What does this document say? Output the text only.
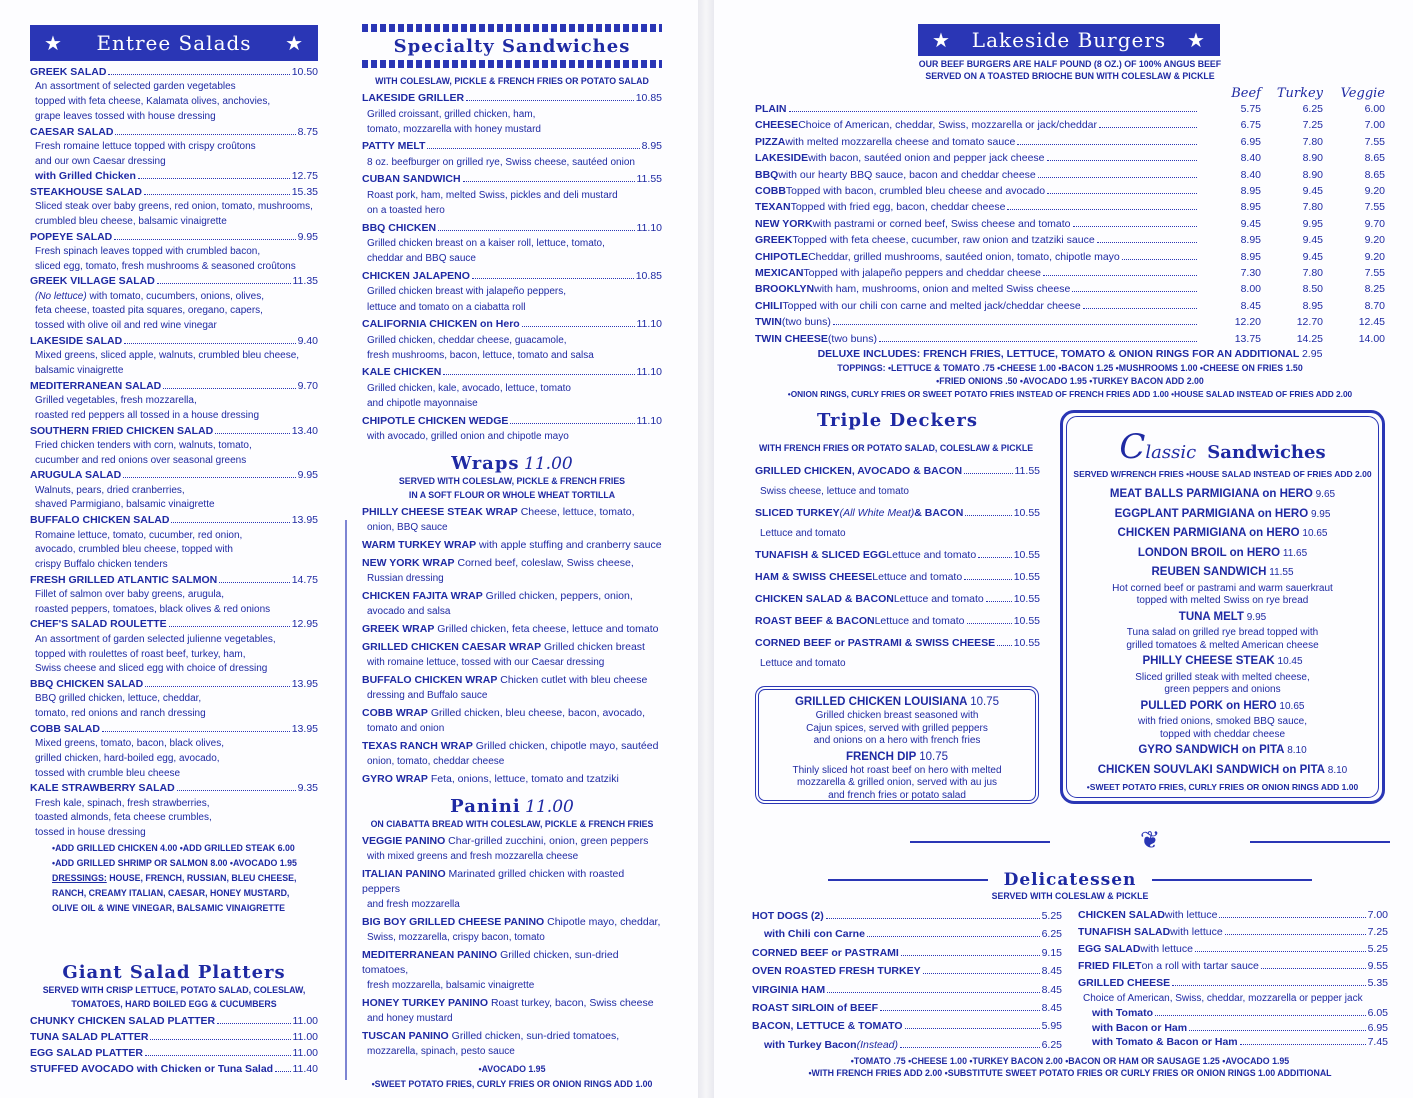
★ Entree Salads ★
GREEK SALAD	10.50
An assortment of selected garden vegetables
topped with feta cheese, Kalamata olives, anchovies,
grape leaves tossed with house dressing
CAESAR SALAD	8.75
Fresh romaine lettuce topped with crispy croûtons
and our own Caesar dressing
with Grilled Chicken	12.75
STEAKHOUSE SALAD	15.35
Sliced steak over baby greens, red onion, tomato, mushrooms,
crumbled bleu cheese, balsamic vinaigrette
POPEYE SALAD	9.95
Fresh spinach leaves topped with crumbled bacon,
sliced egg, tomato, fresh mushrooms & seasoned croûtons
GREEK VILLAGE SALAD	11.35
(No lettuce) with tomato, cucumbers, onions, olives,
feta cheese, toasted pita squares, oregano, capers,
tossed with olive oil and red wine vinegar
LAKESIDE SALAD	9.40
Mixed greens, sliced apple, walnuts, crumbled bleu cheese,
balsamic vinaigrette
MEDITERRANEAN SALAD	9.70
Grilled vegetables, fresh mozzarella,
roasted red peppers all tossed in a house dressing
SOUTHERN FRIED CHICKEN SALAD	13.40
Fried chicken tenders with corn, walnuts, tomato,
cucumber and red onions over seasonal greens
ARUGULA SALAD	9.95
Walnuts, pears, dried cranberries,
shaved Parmigiano, balsamic vinaigrette
BUFFALO CHICKEN SALAD	13.95
Romaine lettuce, tomato, cucumber, red onion,
avocado, crumbled bleu cheese, topped with
crispy Buffalo chicken tenders
FRESH GRILLED ATLANTIC SALMON	14.75
Fillet of salmon over baby greens, arugula,
roasted peppers, tomatoes, black olives & red onions
CHEF'S SALAD ROULETTE	12.95
An assortment of garden selected julienne vegetables,
topped with roulettes of roast beef, turkey, ham,
Swiss cheese and sliced egg with choice of dressing
BBQ CHICKEN SALAD	13.95
BBQ grilled chicken, lettuce, cheddar,
tomato, red onions and ranch dressing
COBB SALAD	13.95
Mixed greens, tomato, bacon, black olives,
grilled chicken, hard-boiled egg, avocado,
tossed with crumble bleu cheese
KALE STRAWBERRY SALAD	9.35
Fresh kale, spinach, fresh strawberries,
toasted almonds, feta cheese crumbles,
tossed in house dressing
•ADD GRILLED CHICKEN 4.00 •ADD GRILLED STEAK 6.00
•ADD GRILLED SHRIMP OR SALMON 8.00 •AVOCADO 1.95
DRESSINGS: HOUSE, FRENCH, RUSSIAN, BLEU CHEESE,
RANCH, CREAMY ITALIAN, CAESAR, HONEY MUSTARD,
OLIVE OIL & WINE VINEGAR, BALSAMIC VINAIGRETTE
Giant Salad Platters
SERVED WITH CRISP LETTUCE, POTATO SALAD, COLESLAW,
TOMATOES, HARD BOILED EGG & CUCUMBERS
CHUNKY CHICKEN SALAD PLATTER	11.00
TUNA SALAD PLATTER	11.00
EGG SALAD PLATTER	11.00
STUFFED AVOCADO with Chicken or Tuna Salad 11.40
Specialty Sandwiches
WITH COLESLAW, PICKLE & FRENCH FRIES OR POTATO SALAD
LAKESIDE GRILLER	10.85
Grilled croissant, grilled chicken, ham,
tomato, mozzarella with honey mustard
PATTY MELT	8.95
8 oz. beefburger on grilled rye, Swiss cheese, sautéed onion
CUBAN SANDWICH	11.55
Roast pork, ham, melted Swiss, pickles and deli mustard
on a toasted hero
BBQ CHICKEN	11.10
Grilled chicken breast on a kaiser roll, lettuce, tomato,
cheddar and BBQ sauce
CHICKEN JALAPENO	10.85
Grilled chicken breast with jalapeño peppers,
lettuce and tomato on a ciabatta roll
CALIFORNIA CHICKEN on Hero	11.10
Grilled chicken, cheddar cheese, guacamole,
fresh mushrooms, bacon, lettuce, tomato and salsa
KALE CHICKEN	11.10
Grilled chicken, kale, avocado, lettuce, tomato
and chipotle mayonnaise
CHIPOTLE CHICKEN WEDGE	11.10
with avocado, grilled onion and chipotle mayo
Wraps 11.00
SERVED WITH COLESLAW, PICKLE & FRENCH FRIES
IN A SOFT FLOUR OR WHOLE WHEAT TORTILLA
PHILLY CHEESE STEAK WRAP Cheese, lettuce, tomato,
onion, BBQ sauce
WARM TURKEY WRAP with apple stuffing and cranberry sauce
NEW YORK WRAP Corned beef, coleslaw, Swiss cheese,
Russian dressing
CHICKEN FAJITA WRAP Grilled chicken, peppers, onion,
avocado and salsa
GREEK WRAP Grilled chicken, feta cheese, lettuce and tomato
GRILLED CHICKEN CAESAR WRAP Grilled chicken breast
with romaine lettuce, tossed with our Caesar dressing
BUFFALO CHICKEN WRAP Chicken cutlet with bleu cheese
dressing and Buffalo sauce
COBB WRAP Grilled chicken, bleu cheese, bacon, avocado,
tomato and onion
TEXAS RANCH WRAP Grilled chicken, chipotle mayo, sautéed
onion, tomato, cheddar cheese
GYRO WRAP Feta, onions, lettuce, tomato and tzatziki
Panini 11.00
ON CIABATTA BREAD WITH COLESLAW, PICKLE & FRENCH FRIES
VEGGIE PANINO Char-grilled zucchini, onion, green peppers
with mixed greens and fresh mozzarella cheese
ITALIAN PANINO Marinated grilled chicken with roasted peppers
and fresh mozzarella
BIG BOY GRILLED CHEESE PANINO Chipotle mayo, cheddar,
Swiss, mozzarella, crispy bacon, tomato
MEDITERRANEAN PANINO Grilled chicken, sun-dried tomatoes,
fresh mozzarella, balsamic vinaigrette
HONEY TURKEY PANINO Roast turkey, bacon, Swiss cheese
and honey mustard
TUSCAN PANINO Grilled chicken, sun-dried tomatoes,
mozzarella, spinach, pesto sauce
•AVOCADO 1.95
•SWEET POTATO FRIES, CURLY FRIES OR ONION RINGS ADD 1.00
★ Lakeside Burgers ★
OUR BEEF BURGERS ARE HALF POUND (8 OZ.) OF 100% ANGUS BEEF
SERVED ON A TOASTED BRIOCHE BUN WITH COLESLAW & PICKLE
Beef	Turkey	Veggie
PLAIN	5.75	6.25	6.00
CHEESE Choice of American, cheddar, Swiss, mozzarella or jack/cheddar	6.75	7.25	7.00
PIZZA with melted mozzarella cheese and tomato sauce	6.95	7.80	7.55
LAKESIDE with bacon, sautéed onion and pepper jack cheese	8.40	8.90	8.65
BBQ with our hearty BBQ sauce, bacon and cheddar cheese	8.40	8.90	8.65
COBB Topped with bacon, crumbled bleu cheese and avocado	8.95	9.45	9.20
TEXAN Topped with fried egg, bacon, cheddar cheese	8.95	7.80	7.55
NEW YORK with pastrami or corned beef, Swiss cheese and tomato	9.45	9.95	9.70
GREEK Topped with feta cheese, cucumber, raw onion and tzatziki sauce	8.95	9.45	9.20
CHIPOTLE Cheddar, grilled mushrooms, sautéed onion, tomato, chipotle mayo	8.95	9.45	9.20
MEXICAN Topped with jalapeño peppers and cheddar cheese	7.30	7.80	7.55
BROOKLYN with ham, mushrooms, onion and melted Swiss cheese	8.00	8.50	8.25
CHILI Topped with our chili con carne and melted jack/cheddar cheese	8.45	8.95	8.70
TWIN (two buns)	12.20	12.70	12.45
TWIN CHEESE (two buns)	13.75	14.25	14.00
DELUXE INCLUDES: FRENCH FRIES, LETTUCE, TOMATO & ONION RINGS FOR AN ADDITIONAL 2.95
TOPPINGS: •LETTUCE & TOMATO .75 •CHEESE 1.00 •BACON 1.25 •MUSHROOMS 1.00 •CHEESE ON FRIES 1.50
•FRIED ONIONS .50 •AVOCADO 1.95 •TURKEY BACON ADD 2.00
•ONION RINGS, CURLY FRIES OR SWEET POTATO FRIES INSTEAD OF FRENCH FRIES ADD 1.00 •HOUSE SALAD INSTEAD OF FRIES ADD 2.00
Triple Deckers
WITH FRENCH FRIES OR POTATO SALAD, COLESLAW & PICKLE
GRILLED CHICKEN, AVOCADO & BACON	11.55
Swiss cheese, lettuce and tomato
SLICED TURKEY (All White Meat) & BACON	10.55
Lettuce and tomato
TUNAFISH & SLICED EGG Lettuce and tomato	10.55
HAM & SWISS CHEESE Lettuce and tomato	10.55
CHICKEN SALAD & BACON Lettuce and tomato	10.55
ROAST BEEF & BACON Lettuce and tomato	10.55
CORNED BEEF or PASTRAMI & SWISS CHEESE 10.55
Lettuce and tomato
GRILLED CHICKEN LOUISIANA 10.75
Grilled chicken breast seasoned with
Cajun spices, served with grilled peppers
and onions on a hero with french fries
FRENCH DIP 10.75
Thinly sliced hot roast beef on hero with melted
mozzarella & grilled onion, served with au jus
and french fries or potato salad
Classic Sandwiches
SERVED W/FRENCH FRIES •HOUSE SALAD INSTEAD OF FRIES ADD 2.00
MEAT BALLS PARMIGIANA on HERO 9.65
EGGPLANT PARMIGIANA on HERO 9.95
CHICKEN PARMIGIANA on HERO 10.65
LONDON BROIL on HERO 11.65
REUBEN SANDWICH 11.55
Hot corned beef or pastrami and warm sauerkraut
topped with melted Swiss on rye bread
TUNA MELT 9.95
Tuna salad on grilled rye bread topped with
grilled tomatoes & melted American cheese
PHILLY CHEESE STEAK 10.45
Sliced grilled steak with melted cheese,
green peppers and onions
PULLED PORK on HERO 10.65
with fried onions, smoked BBQ sauce,
topped with cheddar cheese
GYRO SANDWICH on PITA 8.10
CHICKEN SOUVLAKI SANDWICH on PITA 8.10
•SWEET POTATO FRIES, CURLY FRIES OR ONION RINGS ADD 1.00
❦
Delicatessen
SERVED WITH COLESLAW & PICKLE
HOT DOGS (2)	5.25
with Chili con Carne	6.25
CORNED BEEF or PASTRAMI	9.15
OVEN ROASTED FRESH TURKEY	8.45
VIRGINIA HAM	8.45
ROAST SIRLOIN of BEEF	8.45
BACON, LETTUCE & TOMATO	5.95
with Turkey Bacon (Instead)	6.25
CHICKEN SALAD with lettuce	7.00
TUNAFISH SALAD with lettuce	7.25
EGG SALAD with lettuce	5.25
FRIED FILET on a roll with tartar sauce	9.55
GRILLED CHEESE	5.35
Choice of American, Swiss, cheddar, mozzarella or pepper jack
with Tomato	6.05
with Bacon or Ham	6.95
with Tomato & Bacon or Ham	7.45
•TOMATO .75 •CHEESE 1.00 •TURKEY BACON 2.00 •BACON OR HAM OR SAUSAGE 1.25 •AVOCADO 1.95
•WITH FRENCH FRIES ADD 2.00 •SUBSTITUTE SWEET POTATO FRIES OR CURLY FRIES OR ONION RINGS 1.00 ADDITIONAL
